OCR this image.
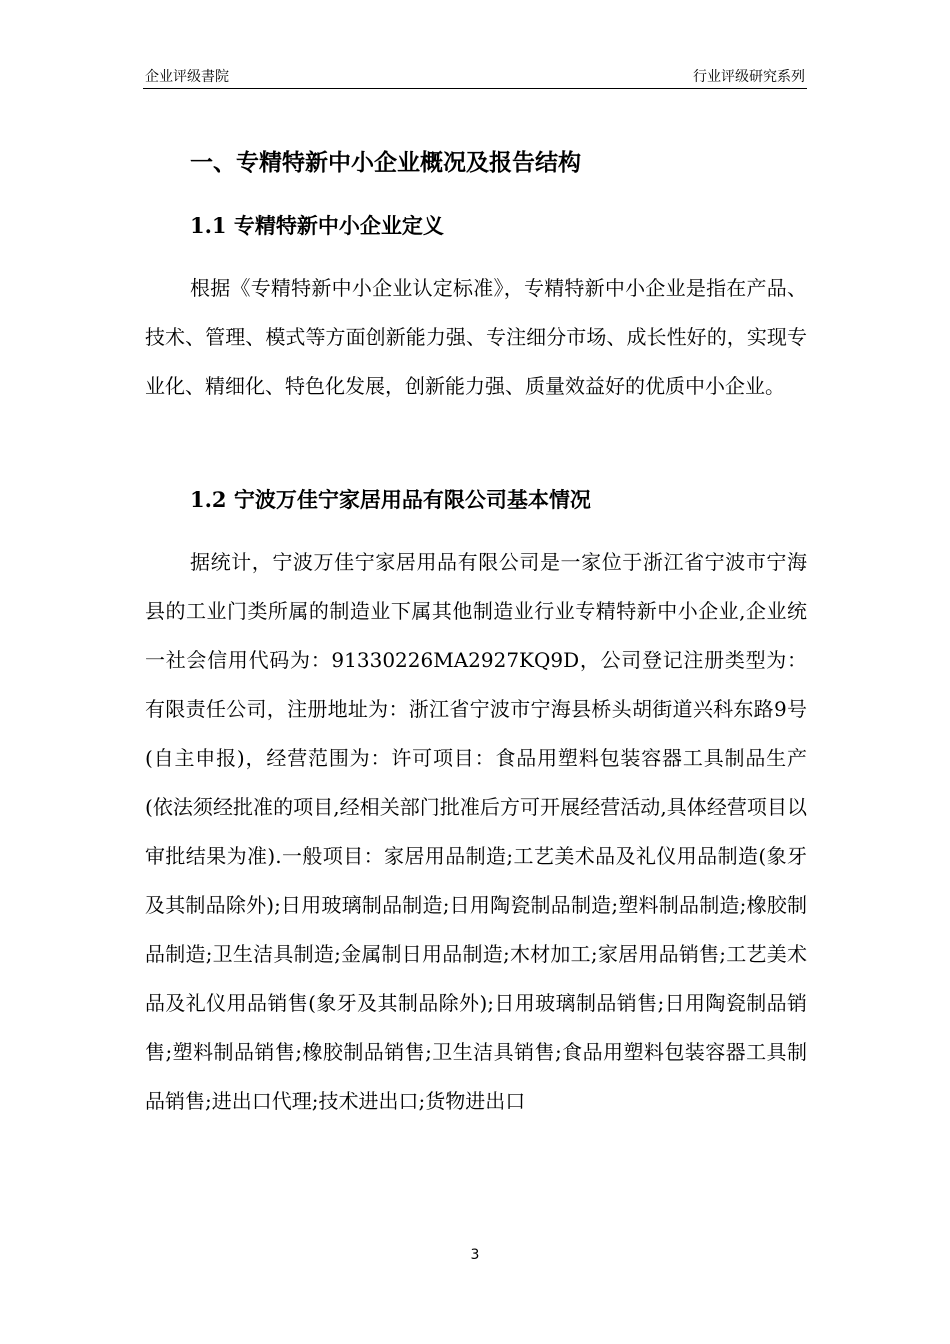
企业评级書院	行业评级研究系列
一、专精特新中小企业概况及报告结构
1.1 专精特新中小企业定义

根据《专精特新中小企业认定标准》，专精特新中小企业是指在产品、技术、管理、模式等方面创新能力强、专注细分市场、成长性好的，实现专业化、精细化、特色化发展，创新能力强、质量效益好的优质中小企业。

1.2 宁波万佳宁家居用品有限公司基本情况

据统计，宁波万佳宁家居用品有限公司是一家位于浙江省宁波市宁海县的工业门类所属的制造业下属其他制造业行业专精特新中小企业,企业统一社会信用代码为：91330226MA2927KQ9D，公司登记注册类型为：有限责任公司，注册地址为：浙江省宁波市宁海县桥头胡街道兴科东路9号(自主申报)，经营范围为：许可项目：食品用塑料包装容器工具制品生产(依法须经批准的项目,经相关部门批准后方可开展经营活动,具体经营项目以审批结果为准).一般项目：家居用品制造;工艺美术品及礼仪用品制造(象牙及其制品除外);日用玻璃制品制造;日用陶瓷制品制造;塑料制品制造;橡胶制品制造;卫生洁具制造;金属制日用品制造;木材加工;家居用品销售;工艺美术品及礼仪用品销售(象牙及其制品除外);日用玻璃制品销售;日用陶瓷制品销售;塑料制品销售;橡胶制品销售;卫生洁具销售;食品用塑料包装容器工具制品销售;进出口代理;技术进出口;货物进出口

3
